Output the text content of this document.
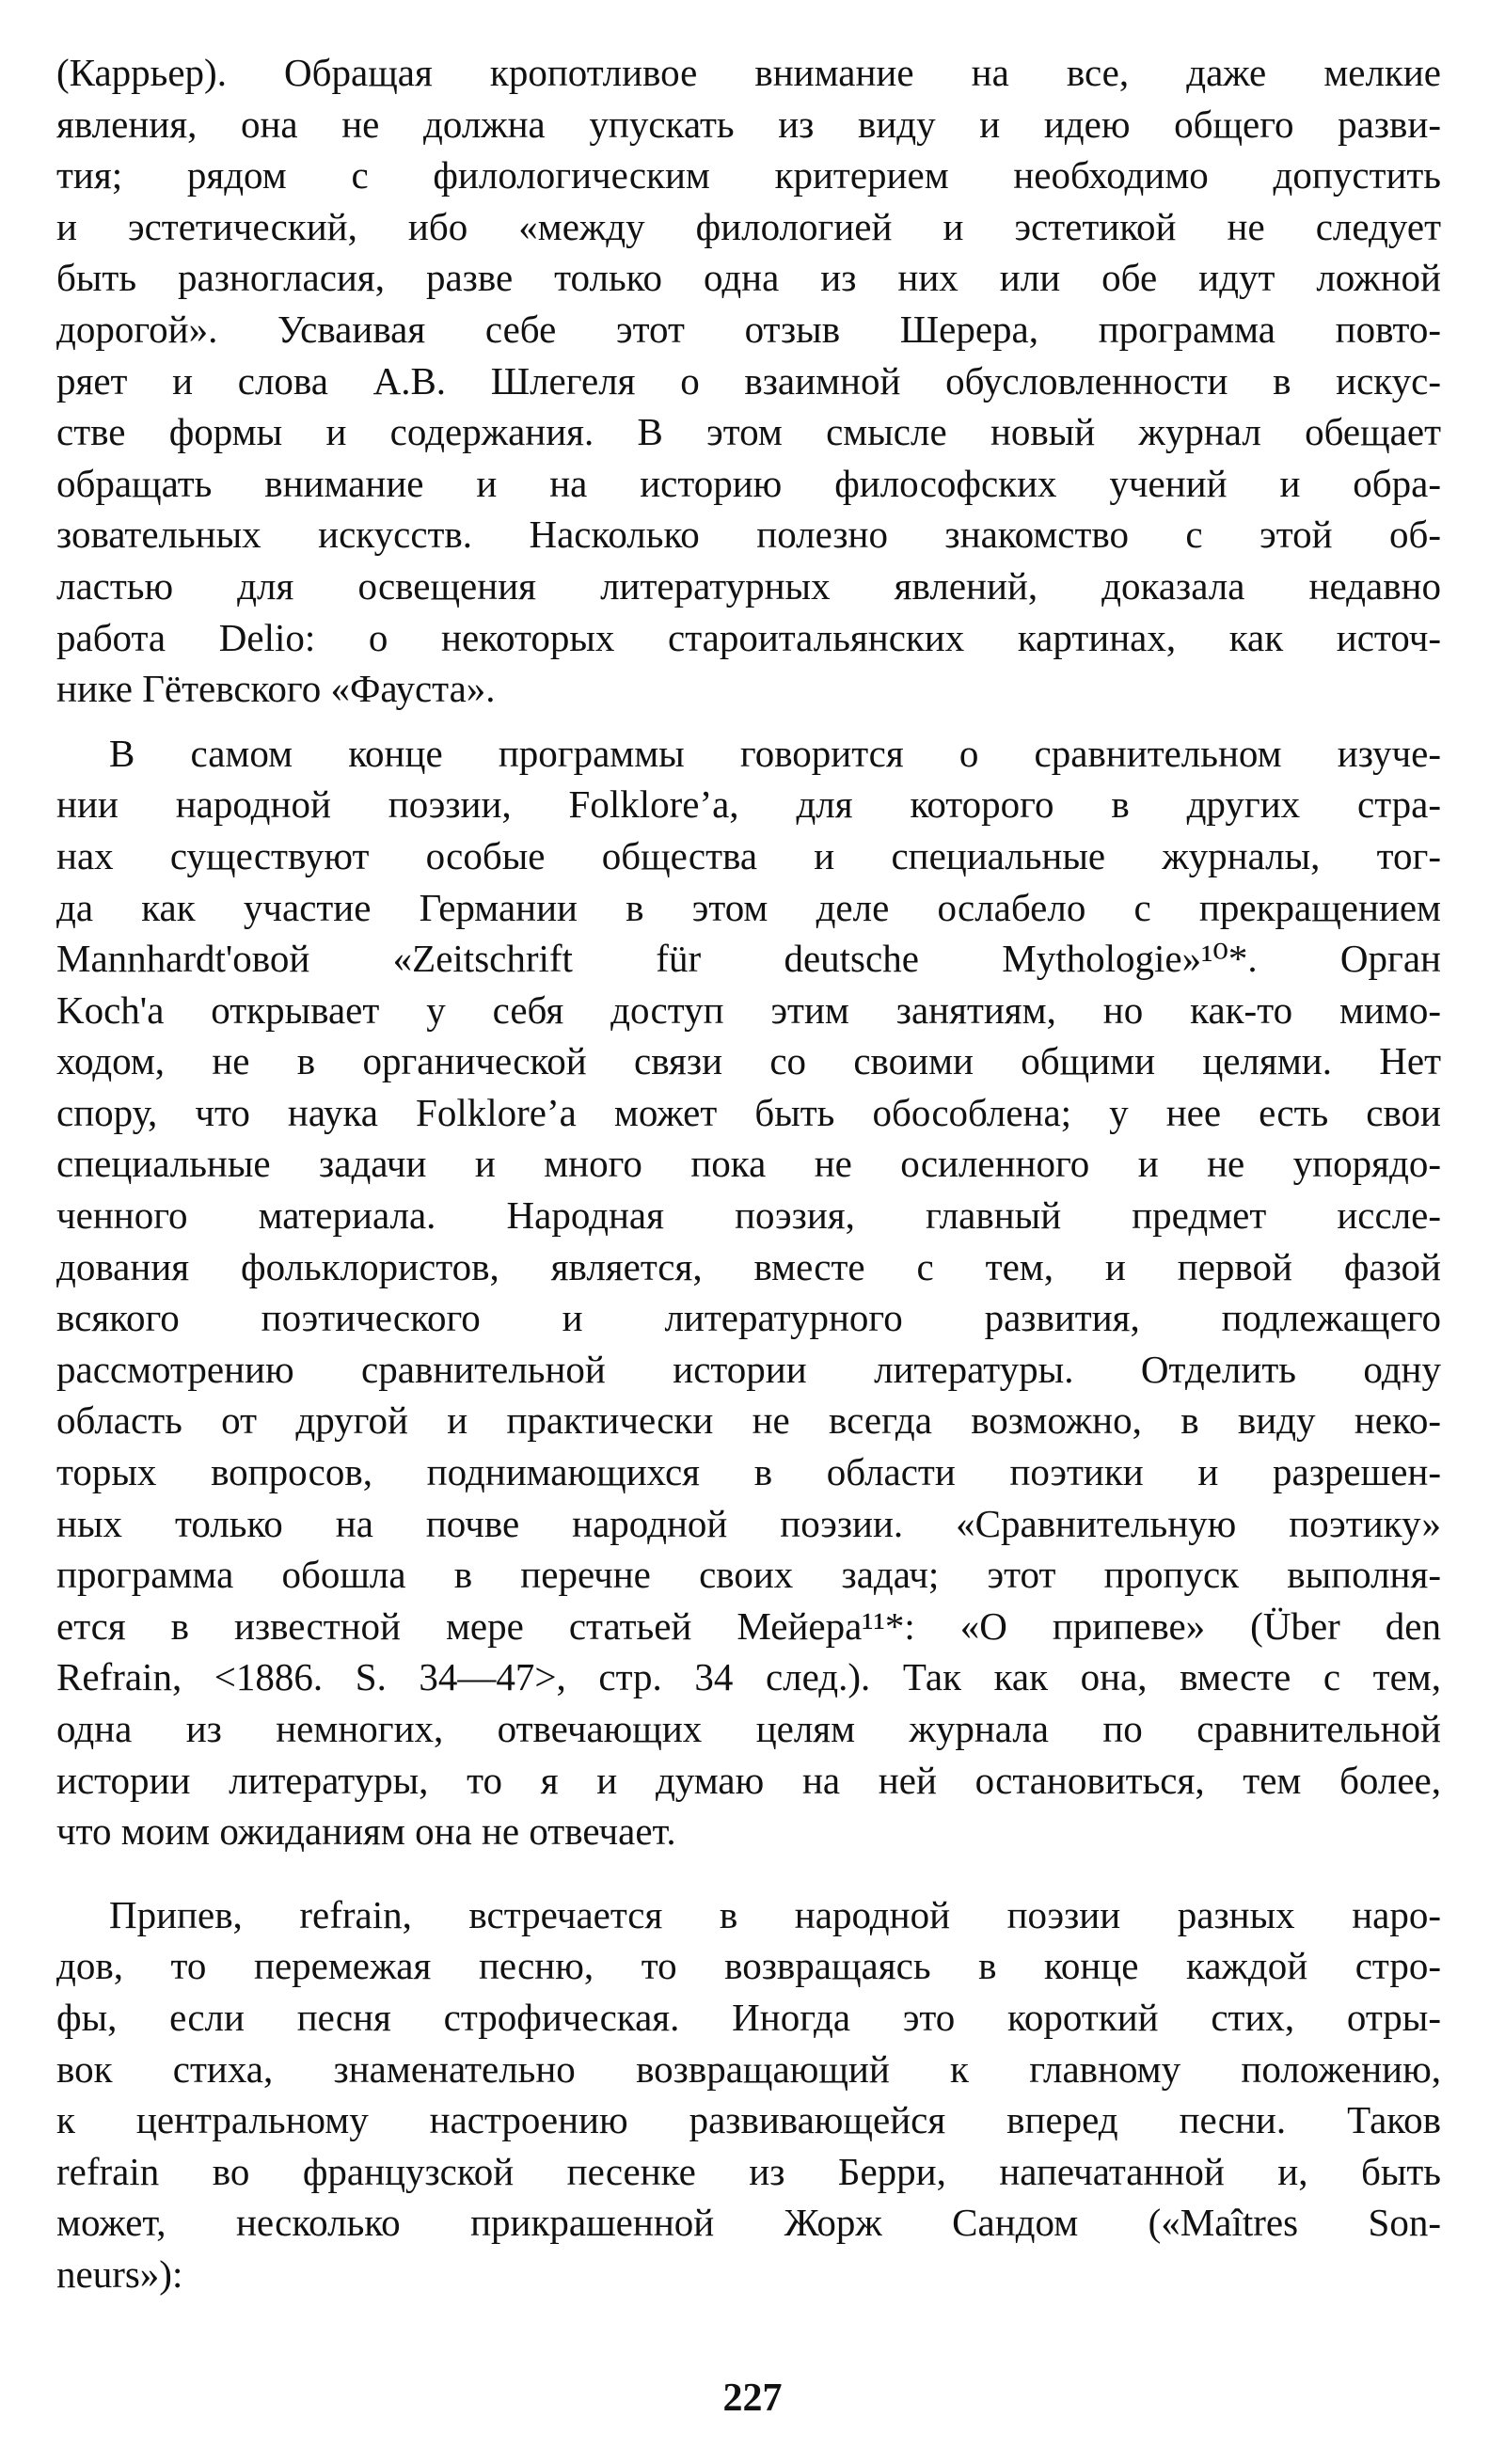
(Каррьер). Обращая кропотливое внимание на все, даже мелкие

явления, она не должна упускать из виду и идею общего разви-

тия; рядом с филологическим критерием необходимо допустить

и эстетический, ибо «между филологией и эстетикой не следует

быть разногласия, разве только одна из них или обе идут ложной

дорогой». Усваивая себе этот отзыв Шерера, программа повто-

ряет и слова А.В. Шлегеля о взаимной обусловленности в искус-

стве формы и содержания. В этом смысле новый журнал обещает

обращать внимание и на историю философских учений и обра-

зовательных искусств. Насколько полезно знакомство с этой об-

ластью для освещения литературных явлений, доказала недавно

работа Delio: о некоторых староитальянских картинах, как источ-

нике Гётевского «Фауста».

В самом конце программы говорится о сравнительном изуче-

нии народной поэзии, Folklore’a, для которого в других стра-

нах существуют особые общества и специальные журналы, тог-

да как участие Германии в этом деле ослабело с прекращением

Mannhardt'овой «Zeitschrift für deutsche Mythologie»¹⁰*. Орган

Koch'a открывает у себя доступ этим занятиям, но как-то мимо-

ходом, не в органической связи со своими общими целями. Нет

спору, что наука Folklore’a может быть обособлена; у нее есть свои

специальные задачи и много пока не осиленного и не упорядо-

ченного материала. Народная поэзия, главный предмет иссле-

дования фольклористов, является, вместе с тем, и первой фазой

всякого поэтического и литературного развития, подлежащего

рассмотрению сравнительной истории литературы. Отделить одну

область от другой и практически не всегда возможно, в виду неко-

торых вопросов, поднимающихся в области поэтики и разрешен-

ных только на почве народной поэзии. «Сравнительную поэтику»

программа обошла в перечне своих задач; этот пропуск выполня-

ется в известной мере статьей Мейера¹¹*: «О припеве» (Über den

Refrain, <1886. S. 34—47>, стр. 34 след.). Так как она, вместе с тем,

одна из немногих, отвечающих целям журнала по сравнительной

истории литературы, то я и думаю на ней остановиться, тем более,

что моим ожиданиям она не отвечает.

Припев, refrain, встречается в народной поэзии разных наро-

дов, то перемежая песню, то возвращаясь в конце каждой стро-

фы, если песня строфическая. Иногда это короткий стих, отры-

вок стиха, знаменательно возвращающий к главному положению,

к центральному настроению развивающейся вперед песни. Таков

refrain во французской песенке из Берри, напечатанной и, быть

может, несколько прикрашенной Жорж Сандом («Maîtres Son-

neurs»):

227
